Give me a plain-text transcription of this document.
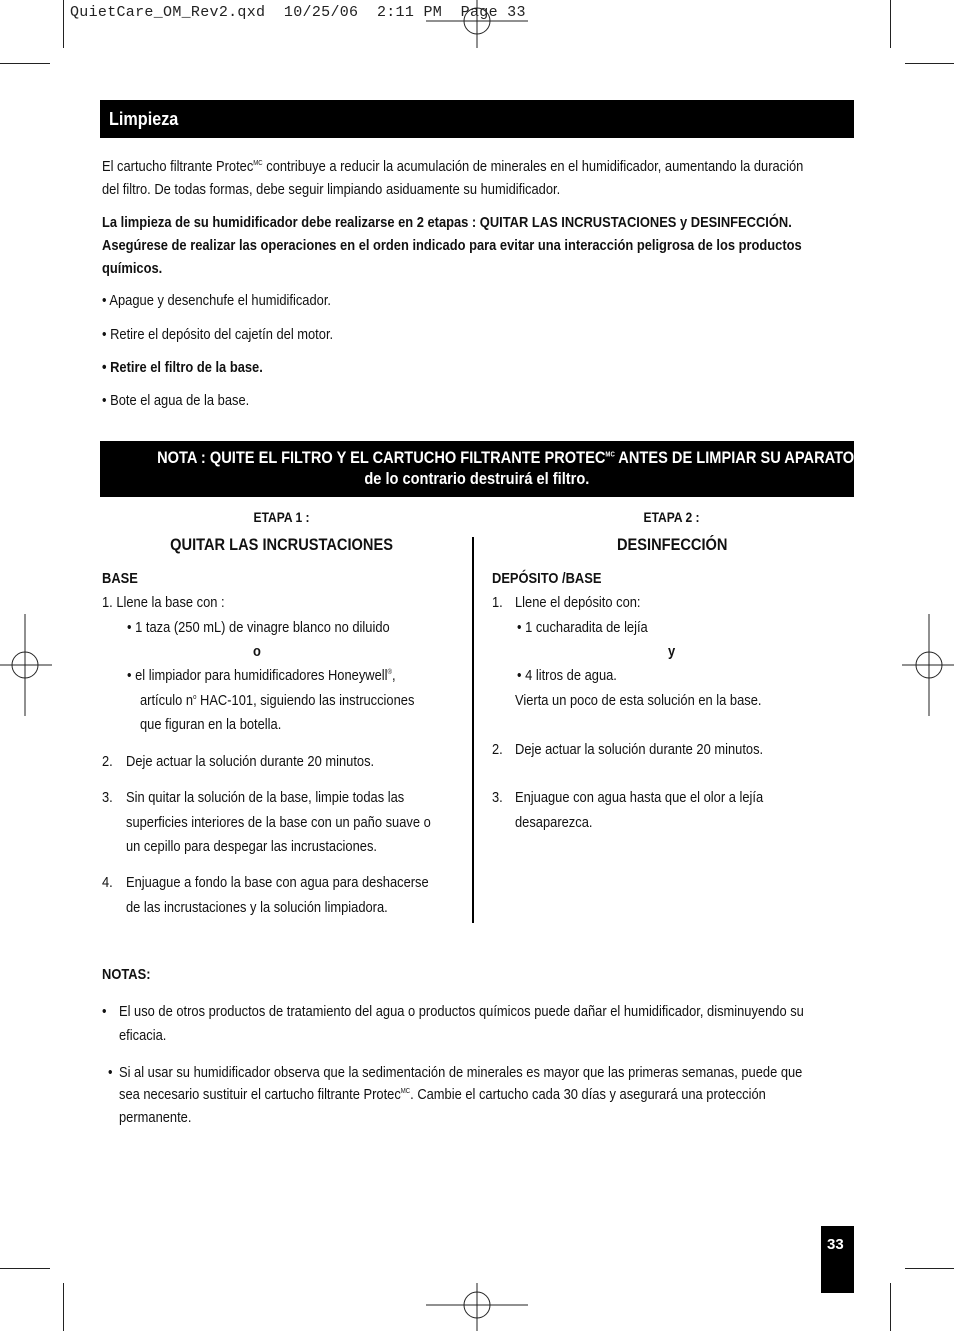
QuietCare_OM_Rev2.qxd  10/25/06  2:11 PM  Page 33
Limpieza
El cartucho filtrante Protec$^{MC}$ contribuye a reducir la acumulación de minerales en el humidificador, aumentando la duración
del filtro. De todas formas, debe seguir limpiando asiduamente su humidificador.
La limpieza de su humidificador debe realizarse en 2 etapas : QUITAR LAS INCRUSTACIONES y DESINFECCIÓN.
Asegúrese de realizar las operaciones en el orden indicado para evitar una interacción peligrosa de los productos
químicos.
• Apague y desenchufe el humidificador.
• Retire el depósito del cajetín del motor.
• Retire el filtro de la base.
• Bote el agua de la base.
NOTA : QUITE EL FILTRO Y EL CARTUCHO FILTRANTE $PROTEC^{MC}$ ANTES DE LIMPIAR SU APARATO,
de lo contrario destruirá el filtro.
ETAPA 1 :
QUITAR LAS INCRUSTACIONES
BASE
1. Llene la base con :
• 1 taza (250 mL) de vinagre blanco no diluido
o
• el limpiador para humidificadores Honeywell®,
artículo $n^o$ HAC-101, siguiendo las instrucciones
que figuran en la botella.
2. Deje actuar la solución durante 20 minutos.
3. Sin quitar la solución de la base, limpie todas las
superficies interiores de la base con un paño suave o
un cepillo para despegar las incrustaciones.
4. Enjuague a fondo la base con agua para deshacerse
de las incrustaciones y la solución limpiadora.
ETAPA 2 :
DESINFECCIÓN
DEPÓSITO /BASE
1. Llene el depósito con:
• 1 cucharadita de lejía
y
• 4 litros de agua.
Vierta un poco de esta solución en la base.
2. Deje actuar la solución durante 20 minutos.
3. Enjuague con agua hasta que el olor a lejía
desaparezca.
NOTAS:
• El uso de otros productos de tratamiento del agua o productos químicos puede dañar el humidificador, disminuyendo su
eficacia.
• Si al usar su humidificador observa que la sedimentación de minerales es mayor que las primeras semanas, puede que
sea necesario sustituir el cartucho filtrante Protec$^{MC}$. Cambie el cartucho cada 30 días y asegurará una protección
permanente.
33
